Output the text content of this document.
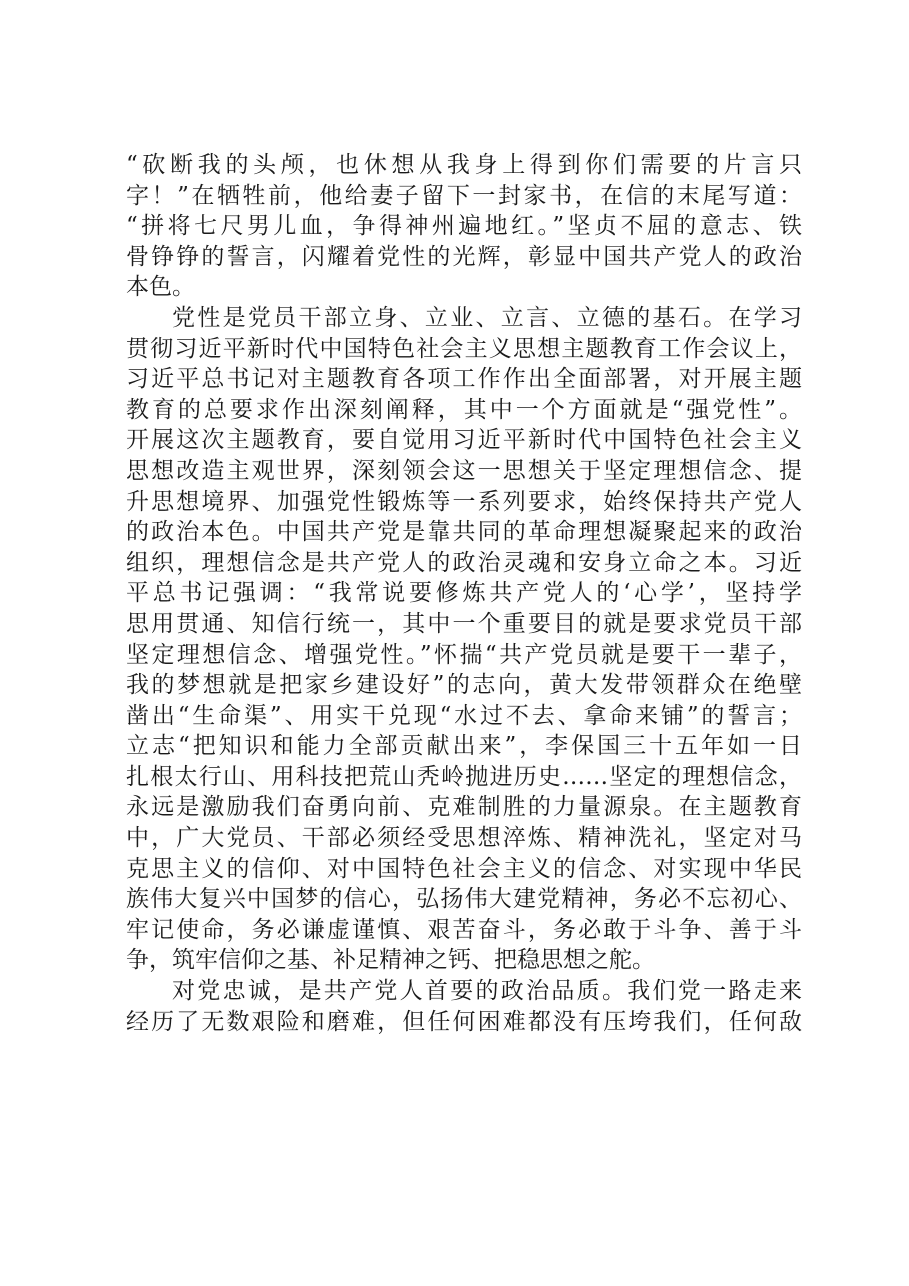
“砍断我的头颅，也休想从我身上得到你们需要的片言只
字！”在牺牲前，他给妻子留下一封家书，在信的末尾写道：
“拼将七尺男儿血，争得神州遍地红。”坚贞不屈的意志、铁
骨铮铮的誓言，闪耀着党性的光辉，彰显中国共产党人的政治
本色。
党性是党员干部立身、立业、立言、立德的基石。在学习
贯彻习近平新时代中国特色社会主义思想主题教育工作会议上，
习近平总书记对主题教育各项工作作出全面部署，对开展主题
教育的总要求作出深刻阐释，其中一个方面就是“强党性”。
开展这次主题教育，要自觉用习近平新时代中国特色社会主义
思想改造主观世界，深刻领会这一思想关于坚定理想信念、提
升思想境界、加强党性锻炼等一系列要求，始终保持共产党人
的政治本色。中国共产党是靠共同的革命理想凝聚起来的政治
组织，理想信念是共产党人的政治灵魂和安身立命之本。习近
平总书记强调：“我常说要修炼共产党人的‘心学’，坚持学
思用贯通、知信行统一，其中一个重要目的就是要求党员干部
坚定理想信念、增强党性。”怀揣“共产党员就是要干一辈子，
我的梦想就是把家乡建设好”的志向，黄大发带领群众在绝壁
凿出“生命渠”、用实干兑现“水过不去、拿命来铺”的誓言；
立志“把知识和能力全部贡献出来”，李保国三十五年如一日
扎根太行山、用科技把荒山秃岭抛进历史……坚定的理想信念，
永远是激励我们奋勇向前、克难制胜的力量源泉。在主题教育
中，广大党员、干部必须经受思想淬炼、精神洗礼，坚定对马
克思主义的信仰、对中国特色社会主义的信念、对实现中华民
族伟大复兴中国梦的信心，弘扬伟大建党精神，务必不忘初心、
牢记使命，务必谦虚谨慎、艰苦奋斗，务必敢于斗争、善于斗
争，筑牢信仰之基、补足精神之钙、把稳思想之舵。
对党忠诚，是共产党人首要的政治品质。我们党一路走来
经历了无数艰险和磨难，但任何困难都没有压垮我们，任何敌
